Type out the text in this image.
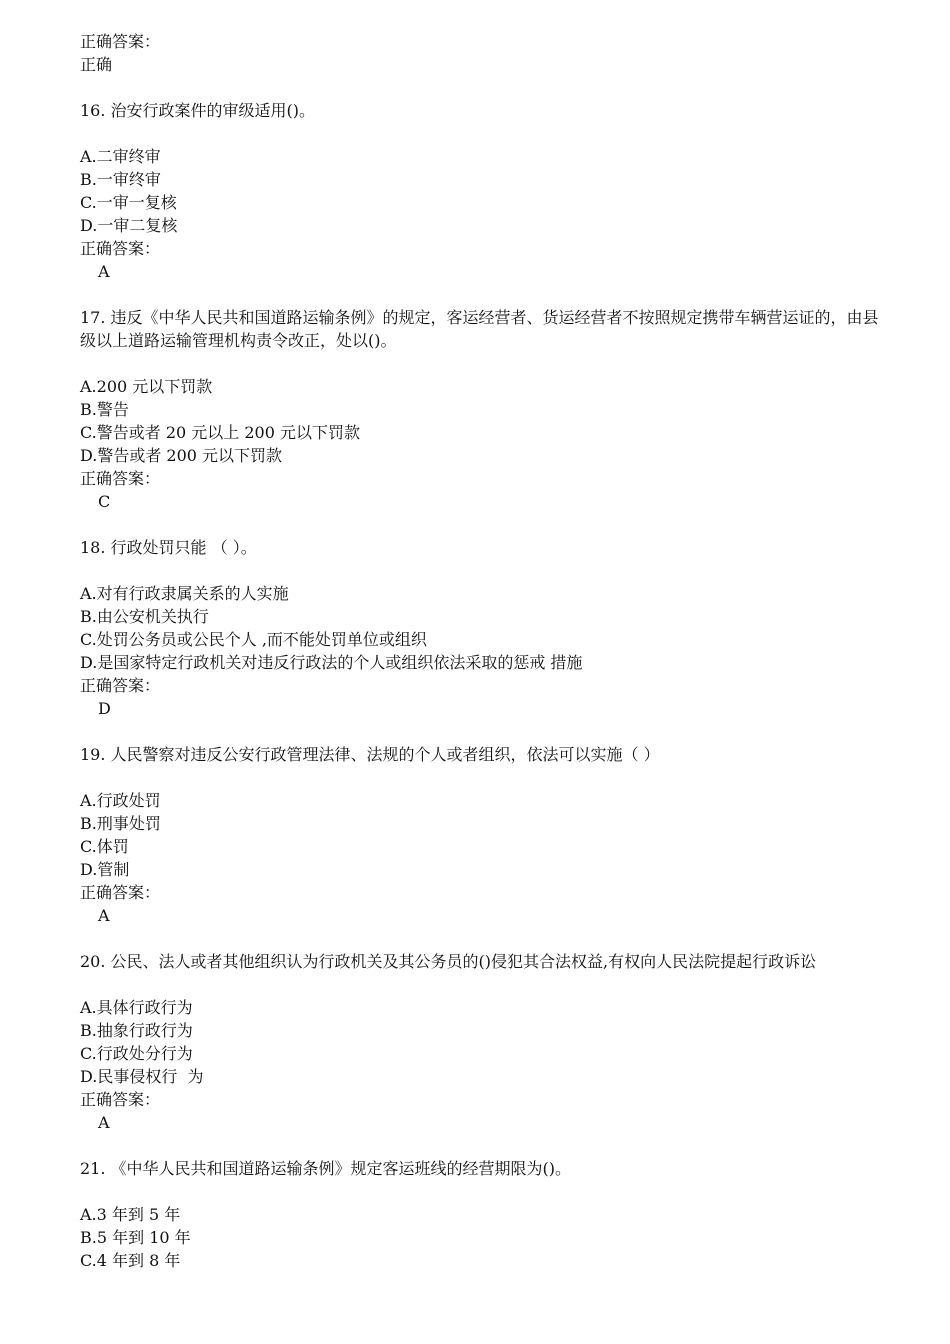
正确答案：
正确
16. 治安行政案件的审级适用()。
A.二审终审
B.一审终审
C.一审一复核
D.一审二复核
正确答案：
A
17. 违反《中华人民共和国道路运输条例》的规定，客运经营者、货运经营者不按照规定携带车辆营运证的，由县级以上道路运输管理机构责令改正，处以()。
A.200 元以下罚款
B.警告
C.警告或者 20 元以上 200 元以下罚款
D.警告或者 200 元以下罚款
正确答案：
C
18. 行政处罚只能 （ ）。
A.对有行政隶属关系的人实施
B.由公安机关执行
C.处罚公务员或公民个人 ,而不能处罚单位或组织
D.是国家特定行政机关对违反行政法的个人或组织依法采取的惩戒 措施
正确答案：
D
19. 人民警察对违反公安行政管理法律、法规的个人或者组织，依法可以实施（ ）
A.行政处罚
B.刑事处罚
C.体罚
D.管制
正确答案：
A
20. 公民、法人或者其他组织认为行政机关及其公务员的()侵犯其合法权益,有权向人民法院提起行政诉讼
A.具体行政行为
B.抽象行政行为
C.行政处分行为
D.民事侵权行  为
正确答案：
A
21. 《中华人民共和国道路运输条例》规定客运班线的经营期限为()。
A.3 年到 5 年
B.5 年到 10 年
C.4 年到 8 年
